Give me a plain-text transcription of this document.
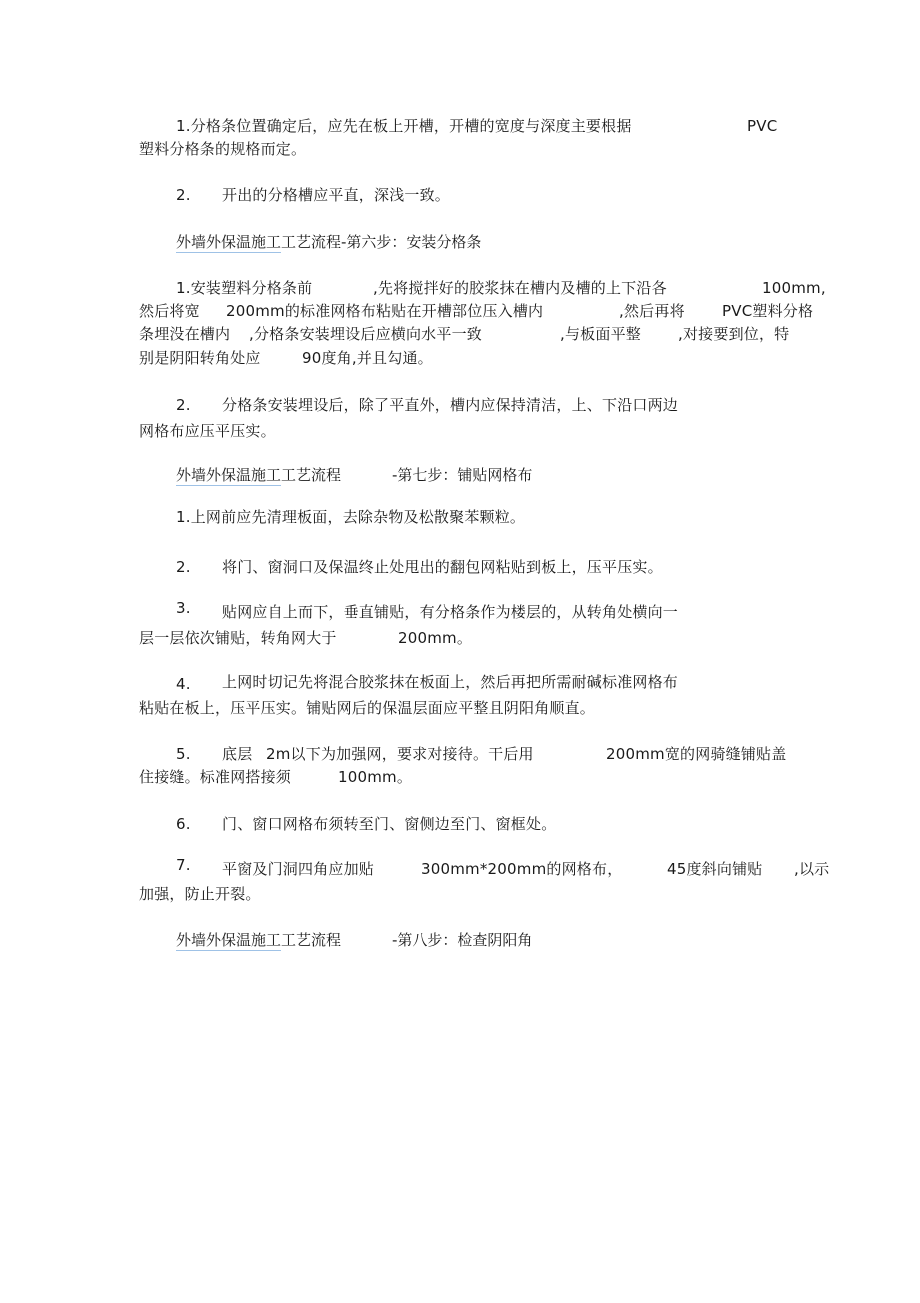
1.分格条位置确定后，应先在板上开槽，开槽的宽度与深度主要根据	PVC
塑料分格条的规格而定。
2. 开出的分格槽应平直，深浅一致。
外墙外保温施工工艺流程-第六步：安装分格条
1.安装塑料分格条前	,先将搅拌好的胶浆抹在槽内及槽的上下沿各	100mm,
然后将宽 200mm的标准网格布粘贴在开槽部位压入槽内	,然后再将 PVC塑料分格
条埋没在槽内 ,分格条安装埋设后应横向水平一致	,与板面平整 ,对接要到位，特
别是阴阳转角处应	90度角,并且勾通。
2. 分格条安装埋设后，除了平直外，槽内应保持清洁，上、下沿口两边
网格布应压平压实。
外墙外保温施工工艺流程	-第七步：铺贴网格布
1.上网前应先清理板面，去除杂物及松散聚苯颗粒。
2. 将门、窗洞口及保温终止处甩出的翻包网粘贴到板上，压平压实。
3. 贴网应自上而下，垂直铺贴，有分格条作为楼层的，从转角处横向一
层一层依次铺贴，转角网大于	200mm。
4. 上网时切记先将混合胶浆抹在板面上，然后再把所需耐碱标准网格布
粘贴在板上，压平压实。铺贴网后的保温层面应平整且阴阳角顺直。
5. 底层 2m以下为加强网，要求对接待。干后用	200mm宽的网骑缝铺贴盖
住接缝。标准网搭接须	100mm。
6. 门、窗口网格布须转至门、窗侧边至门、窗框处。
7. 平窗及门洞四角应加贴	300mm*200mm的网格布，	45度斜向铺贴 ,以示
加强，防止开裂。
外墙外保温施工工艺流程	-第八步：检查阴阳角
